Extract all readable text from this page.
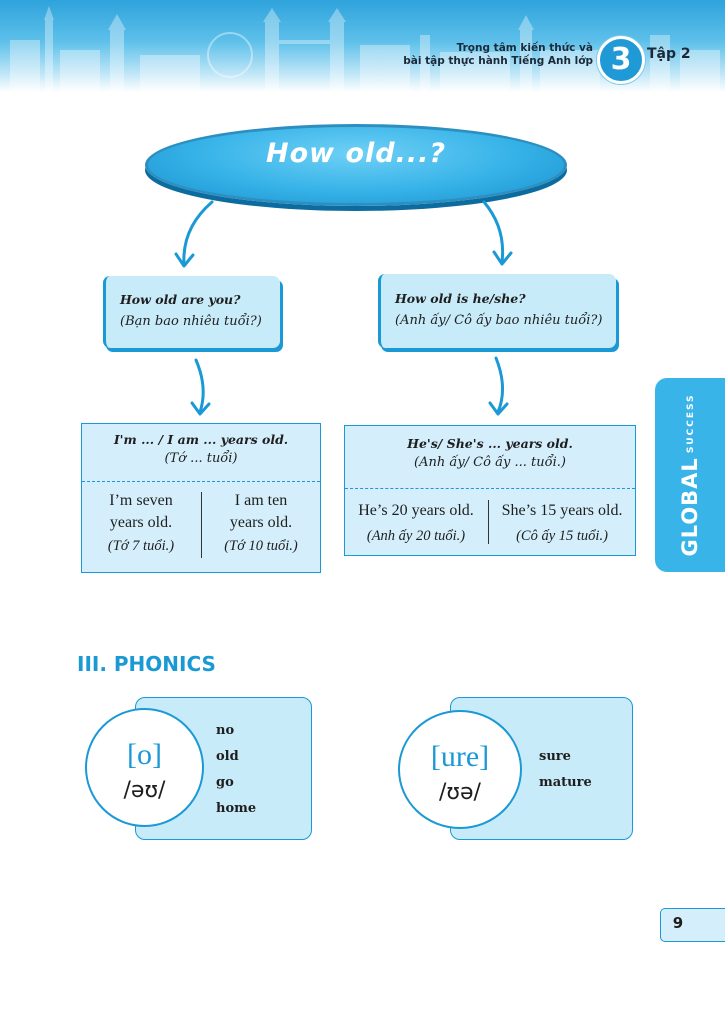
Trọng tâm kiến thức và
bài tập thực hành Tiếng Anh lớp 3	Tập 2
How old...?
How old are you?
(Bạn bao nhiêu tuổi?)
How old is he/she?
(Anh ấy/ Cô ấy bao nhiêu tuổi?)
I'm ... / I am ... years old.
(Tớ ... tuổi)
I’m seven
years old.
(Tớ 7 tuổi.)
I am ten
years old.
(Tớ 10 tuổi.)
He's/ She's ... years old.
(Anh ấy/ Cô ấy ... tuổi.)
He’s 20 years old.
(Anh ấy 20 tuổi.)
She’s 15 years old.
(Cô ấy 15 tuổi.)	GLOBALSUCCESS
III. PHONICS
no
old
go
home
[o]
/əʊ/
sure
mature
[ure]
/ʊə/
9
